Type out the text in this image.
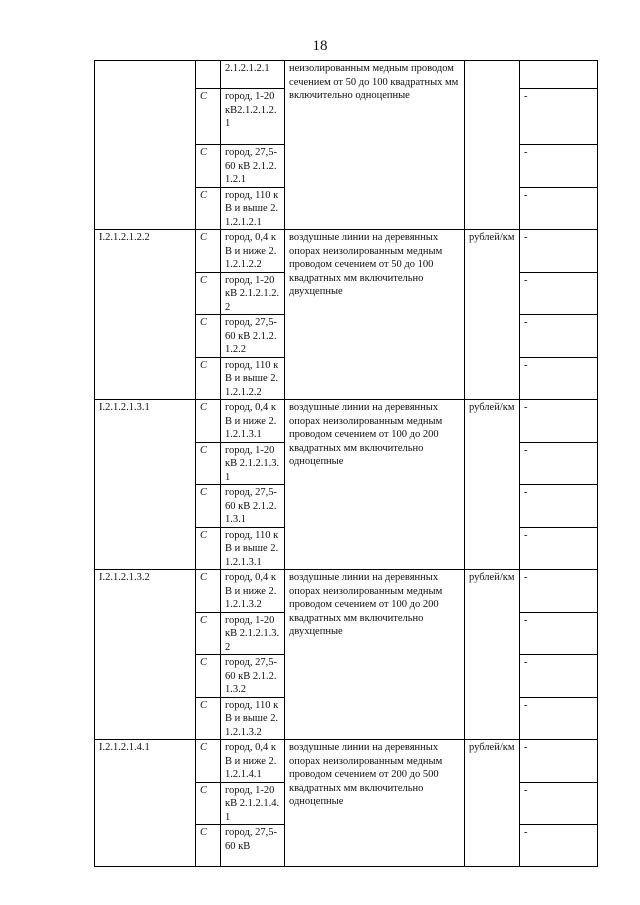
18
		2.1.2.1.2.1	неизолированным медным проводом сечением от 50 до 100 квадратных мм включительно одноцепные		
	С	город, 1-20 кВ2.1.2.1.2.1			-
	С	город, 27,5-60 кВ 2.1.2.1.2.1			-
	С	город, 110 кВ и выше 2.1.2.1.2.1			-
I.2.1.2.1.2.2	С	город, 0,4 кВ и ниже 2.1.2.1.2.2	воздушные линии на деревянных опорах неизолированным медным проводом сечением от 50 до 100 квадратных мм включительно двухцепные	рублей/км	-
	С	город, 1-20 кВ 2.1.2.1.2.2			-
	С	город, 27,5-60 кВ 2.1.2.1.2.2			-
	С	город, 110 кВ и выше 2.1.2.1.2.2			-
I.2.1.2.1.3.1	С	город, 0,4 кВ и ниже 2.1.2.1.3.1	воздушные линии на деревянных опорах неизолированным медным проводом сечением от 100 до 200 квадратных мм включительно одноцепные	рублей/км	-
	С	город, 1-20 кВ 2.1.2.1.3.1			-
	С	город, 27,5-60 кВ 2.1.2.1.3.1			-
	С	город, 110 кВ и выше 2.1.2.1.3.1			-
I.2.1.2.1.3.2	С	город, 0,4 кВ и ниже 2.1.2.1.3.2	воздушные линии на деревянных опорах неизолированным медным проводом сечением от 100 до 200 квадратных мм включительно двухцепные	рублей/км	-
	С	город, 1-20 кВ 2.1.2.1.3.2			-
	С	город, 27,5-60 кВ 2.1.2.1.3.2			-
	С	город, 110 кВ и выше 2.1.2.1.3.2			-
I.2.1.2.1.4.1	С	город, 0,4 кВ и ниже 2.1.2.1.4.1	воздушные линии на деревянных опорах неизолированным медным проводом сечением от 200 до 500 квадратных мм включительно одноцепные	рублей/км	-
	С	город, 1-20 кВ 2.1.2.1.4.1			-
	С	город, 27,5-60 кВ			-
